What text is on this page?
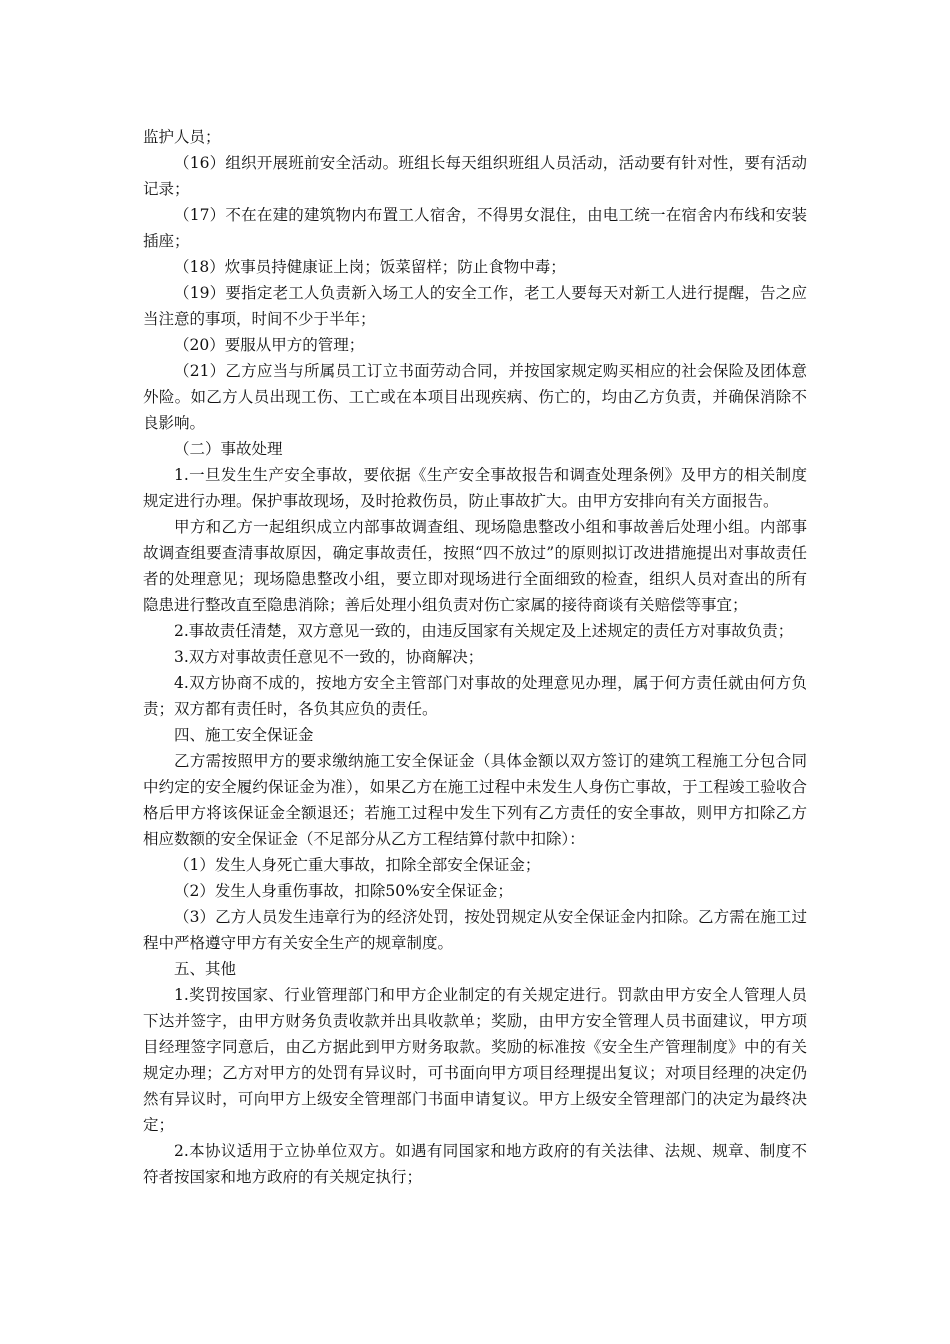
监护人员；

（16）组织开展班前安全活动。班组长每天组织班组人员活动，活动要有针对性，要有活动记录；

（17）不在在建的建筑物内布置工人宿舍，不得男女混住，由电工统一在宿舍内布线和安装插座；

（18）炊事员持健康证上岗；饭菜留样；防止食物中毒；

（19）要指定老工人负责新入场工人的安全工作，老工人要每天对新工人进行提醒，告之应当注意的事项，时间不少于半年；

（20）要服从甲方的管理；

（21）乙方应当与所属员工订立书面劳动合同，并按国家规定购买相应的社会保险及团体意外险。如乙方人员出现工伤、工亡或在本项目出现疾病、伤亡的，均由乙方负责，并确保消除不良影响。

（二）事故处理

1.一旦发生生产安全事故，要依据《生产安全事故报告和调查处理条例》及甲方的相关制度规定进行办理。保护事故现场，及时抢救伤员，防止事故扩大。由甲方安排向有关方面报告。

甲方和乙方一起组织成立内部事故调查组、现场隐患整改小组和事故善后处理小组。内部事故调查组要查清事故原因，确定事故责任，按照“四不放过”的原则拟订改进措施提出对事故责任者的处理意见；现场隐患整改小组，要立即对现场进行全面细致的检查，组织人员对查出的所有隐患进行整改直至隐患消除；善后处理小组负责对伤亡家属的接待商谈有关赔偿等事宜；

2.事故责任清楚，双方意见一致的，由违反国家有关规定及上述规定的责任方对事故负责；

3.双方对事故责任意见不一致的，协商解决；

4.双方协商不成的，按地方安全主管部门对事故的处理意见办理，属于何方责任就由何方负责；双方都有责任时，各负其应负的责任。

四、施工安全保证金

乙方需按照甲方的要求缴纳施工安全保证金（具体金额以双方签订的建筑工程施工分包合同中约定的安全履约保证金为准），如果乙方在施工过程中未发生人身伤亡事故，于工程竣工验收合格后甲方将该保证金全额退还；若施工过程中发生下列有乙方责任的安全事故，则甲方扣除乙方相应数额的安全保证金（不足部分从乙方工程结算付款中扣除）：

（1）发生人身死亡重大事故，扣除全部安全保证金；

（2）发生人身重伤事故，扣除50%安全保证金；

（3）乙方人员发生违章行为的经济处罚，按处罚规定从安全保证金内扣除。乙方需在施工过程中严格遵守甲方有关安全生产的规章制度。

五、其他

1.奖罚按国家、行业管理部门和甲方企业制定的有关规定进行。罚款由甲方安全人管理人员下达并签字，由甲方财务负责收款并出具收款单；奖励，由甲方安全管理人员书面建议，甲方项目经理签字同意后，由乙方据此到甲方财务取款。奖励的标准按《安全生产管理制度》中的有关规定办理；乙方对甲方的处罚有异议时，可书面向甲方项目经理提出复议；对项目经理的决定仍然有异议时，可向甲方上级安全管理部门书面申请复议。甲方上级安全管理部门的决定为最终决定；

2.本协议适用于立协单位双方。如遇有同国家和地方政府的有关法律、法规、规章、制度不符者按国家和地方政府的有关规定执行；
